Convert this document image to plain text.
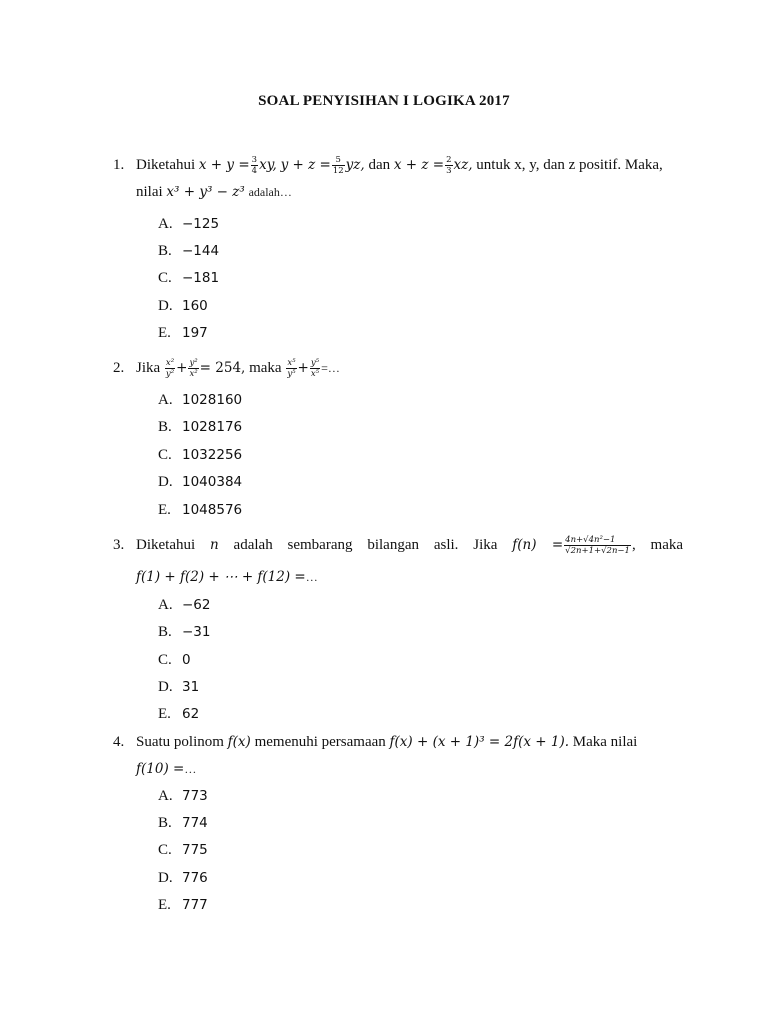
SOAL PENYISIHAN I LOGIKA 2017
1. Diketahui $x + y = \frac{3}{4}$ xy, $y + z = \frac{5}{12}$ yz, dan $x + z = \frac{2}{3}$ xz, untuk x, y, dan z positif. Maka,
nilai x³ + y³ − z³ adalah…
A. −125
B. −144
C. −181
D. 160
E. 197
2. Jika $\frac{\text{x²}}{\text{y²}} + \frac{\text{y²}}{\text{x²}} = 254$, maka $\frac{\text{x⁵}}{\text{y⁵}} + \frac{\text{y⁵}}{\text{x⁵}}$ =…
A. 1028160
B. 1028176
C. 1032256
D. 1040384
E. 1048576
3. Diketahui n adalah sembarang bilangan asli. Jika $f(n) = \frac{\text{4n+√4n²−1}}{√2n+1+√2n-1}$ , maka
f(1) + f(2) + ⋯ + f(12) =…
A. −62
B. −31
C. 0
D. 31
E. 62
4. Suatu polinom f(x) memenuhi persamaan f(x) + (x + 1)³ = 2f(x + 1). Maka nilai
f(10) =…
A. 773
B. 774
C. 775
D. 776
E. 777
